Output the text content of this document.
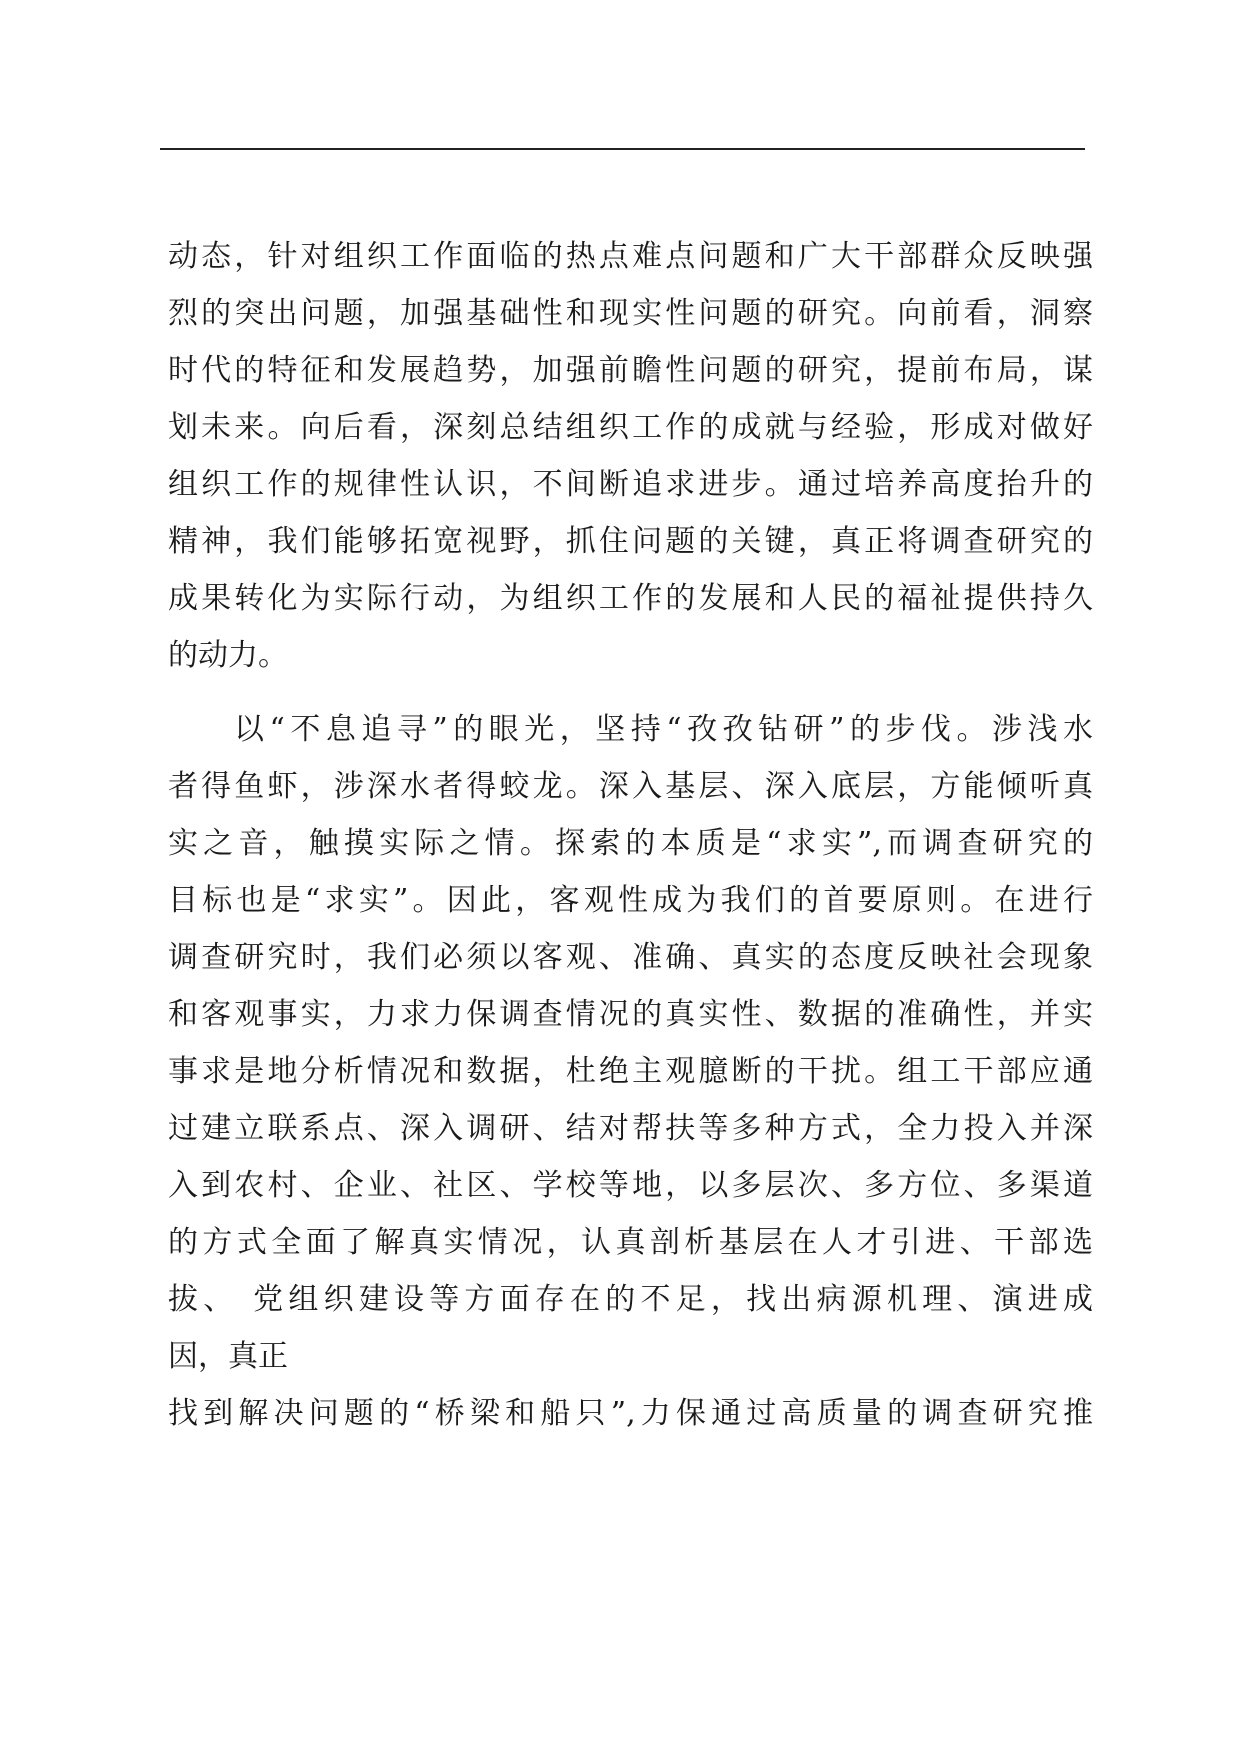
动态，针对组织工作面临的热点难点问题和广大干部群众反映强
烈的突出问题，加强基础性和现实性问题的研究。向前看，洞察
时代的特征和发展趋势，加强前瞻性问题的研究，提前布局，谋
划未来。向后看，深刻总结组织工作的成就与经验，形成对做好
组织工作的规律性认识，不间断追求进步。通过培养高度抬升的
精神，我们能够拓宽视野，抓住问题的关键，真正将调查研究的
成果转化为实际行动，为组织工作的发展和人民的福祉提供持久
的动力。
以“不息追寻”的眼光，坚持“孜孜钻研”的步伐。涉浅水
者得鱼虾，涉深水者得蛟龙。深入基层、深入底层，方能倾听真
实之音，触摸实际之情。探索的本质是“求实”,而调查研究的
目标也是“求实”。因此，客观性成为我们的首要原则。在进行
调查研究时，我们必须以客观、准确、真实的态度反映社会现象
和客观事实，力求力保调查情况的真实性、数据的准确性，并实
事求是地分析情况和数据，杜绝主观臆断的干扰。组工干部应通
过建立联系点、深入调研、结对帮扶等多种方式，全力投入并深
入到农村、企业、社区、学校等地，以多层次、多方位、多渠道
的方式全面了解真实情况，认真剖析基层在人才引进、干部选
拔、 党组织建设等方面存在的不足，找出病源机理、演进成
因，真正
找到解决问题的“桥梁和船只”,力保通过高质量的调查研究推
